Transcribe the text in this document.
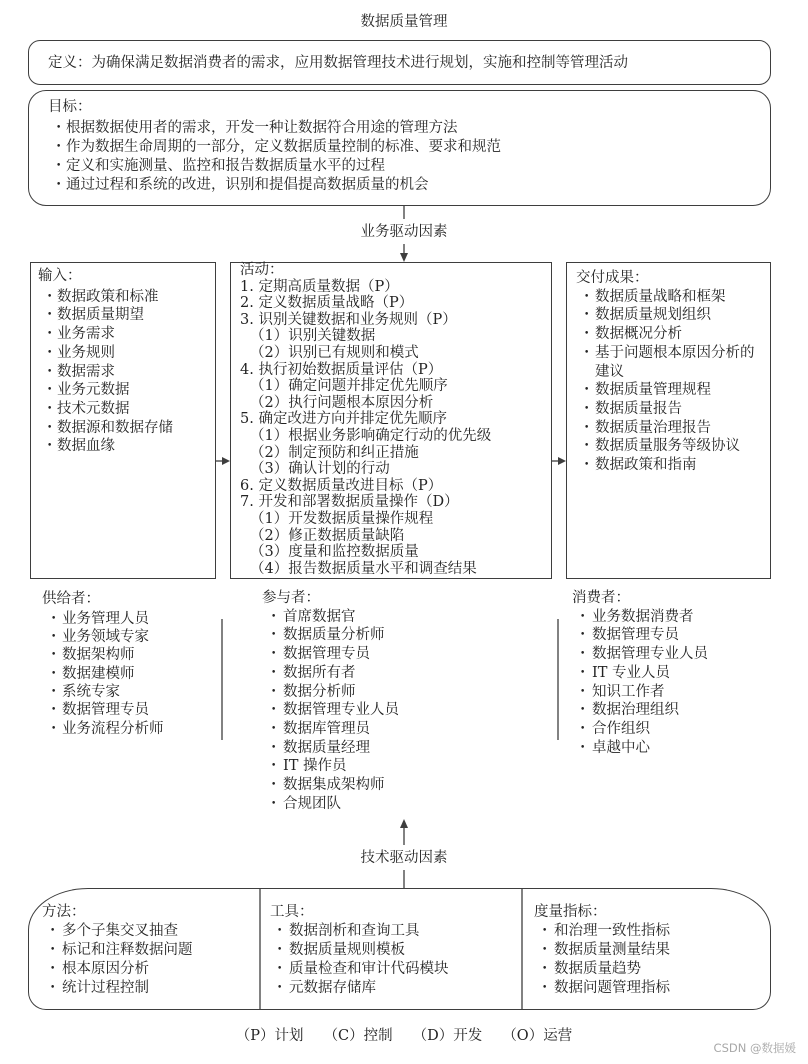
数据质量管理
定义：为确保满足数据消费者的需求，应用数据管理技术进行规划，实施和控制等管理活动
目标：
• 根据数据使用者的需求，开发一种让数据符合用途的管理方法
• 作为数据生命周期的一部分，定义数据质量控制的标准、要求和规范
• 定义和实施测量、监控和报告数据质量水平的过程
• 通过过程和系统的改进，识别和提倡提高数据质量的机会
业务驱动因素
输入：
• 数据政策和标准
• 数据质量期望
• 业务需求
• 业务规则
• 数据需求
• 业务元数据
• 技术元数据
• 数据源和数据存储
• 数据血缘
活动：
1. 定期高质量数据（P）
2. 定义数据质量战略（P）
3. 识别关键数据和业务规则（P）
（1）识别关键数据
（2）识别已有规则和模式
4. 执行初始数据质量评估（P）
（1）确定问题并排定优先顺序
（2）执行问题根本原因分析
5. 确定改进方向并排定优先顺序
（1）根据业务影响确定行动的优先级
（2）制定预防和纠正措施
（3）确认计划的行动
6. 定义数据质量改进目标（P）
7. 开发和部署数据质量操作（D）
（1）开发数据质量操作规程
（2）修正数据质量缺陷
（3）度量和监控数据质量
（4）报告数据质量水平和调查结果
交付成果：
• 数据质量战略和框架
• 数据质量规划组织
• 数据概况分析
• 基于问题根本原因分析的建议
• 数据质量管理规程
• 数据质量报告
• 数据质量治理报告
• 数据质量服务等级协议
• 数据政策和指南
供给者：
• 业务管理人员
• 业务领域专家
• 数据架构师
• 数据建模师
• 系统专家
• 数据管理专员
• 业务流程分析师
参与者：
• 首席数据官
• 数据质量分析师
• 数据管理专员
• 数据所有者
• 数据分析师
• 数据管理专业人员
• 数据库管理员
• 数据质量经理
• IT 操作员
• 数据集成架构师
• 合规团队
消费者：
• 业务数据消费者
• 数据管理专员
• 数据管理专业人员
• IT 专业人员
• 知识工作者
• 数据治理组织
• 合作组织
• 卓越中心
技术驱动因素
方法：
• 多个子集交叉抽查
• 标记和注释数据问题
• 根本原因分析
• 统计过程控制
工具：
• 数据剖析和查询工具
• 数据质量规则模板
• 质量检查和审计代码模块
• 元数据存储库
度量指标：
• 和治理一致性指标
• 数据质量测量结果
• 数据质量趋势
• 数据问题管理指标
（P）计划 （C）控制 （D）开发 （O）运营
CSDN @数据媛
